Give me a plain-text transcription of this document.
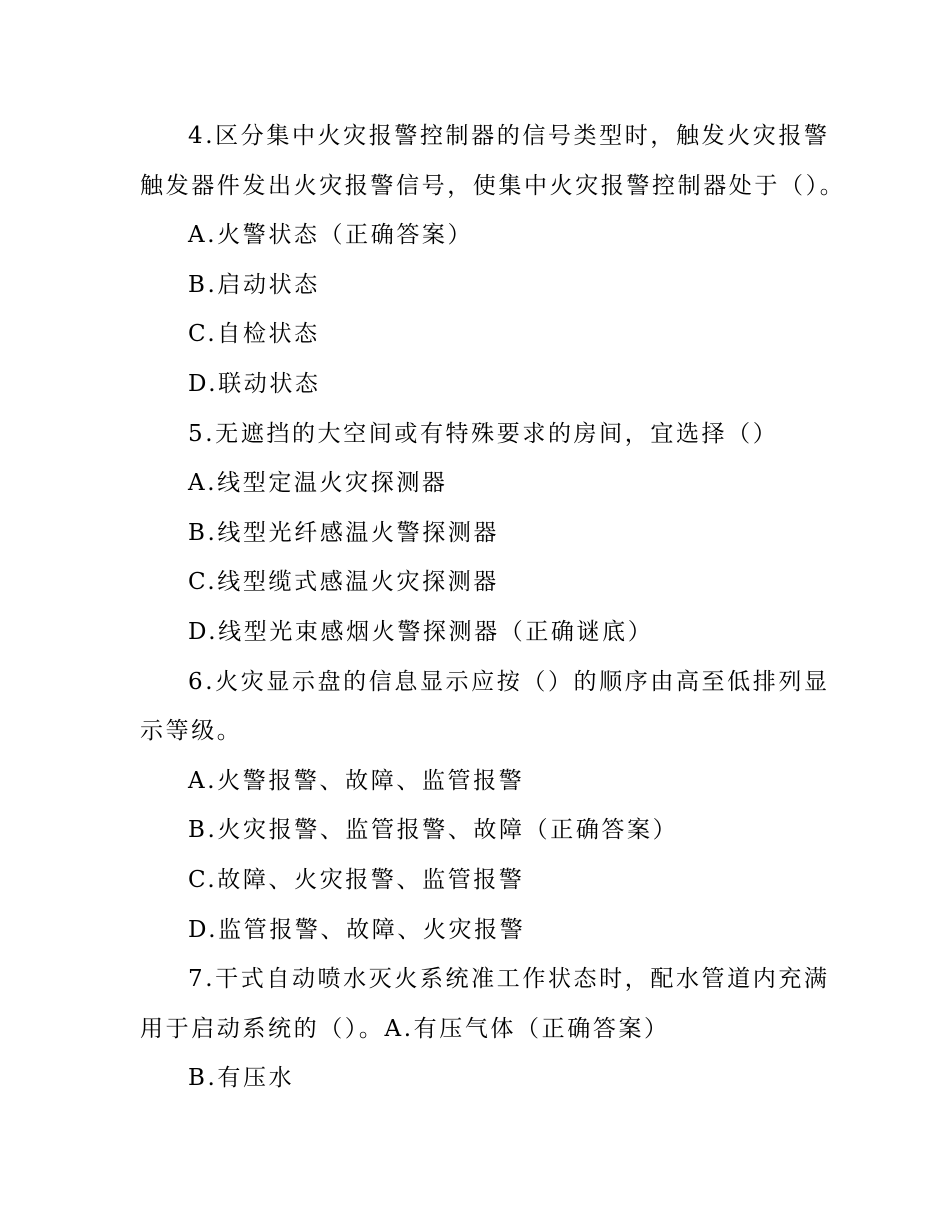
4.区分集中火灾报警控制器的信号类型时，触发火灾报警
触发器件发出火灾报警信号，使集中火灾报警控制器处于（）。
A.火警状态（正确答案）
B.启动状态
C.自检状态
D.联动状态
5.无遮挡的大空间或有特殊要求的房间，宜选择（）
A.线型定温火灾探测器
B.线型光纤感温火警探测器
C.线型缆式感温火灾探测器
D.线型光束感烟火警探测器（正确谜底）
6.火灾显示盘的信息显示应按（）的顺序由高至低排列显
示等级。
A.火警报警、故障、监管报警
B.火灾报警、监管报警、故障（正确答案）
C.故障、火灾报警、监管报警
D.监管报警、故障、火灾报警
7.干式自动喷水灭火系统准工作状态时，配水管道内充满
用于启动系统的（）。A.有压气体（正确答案）
B.有压水
